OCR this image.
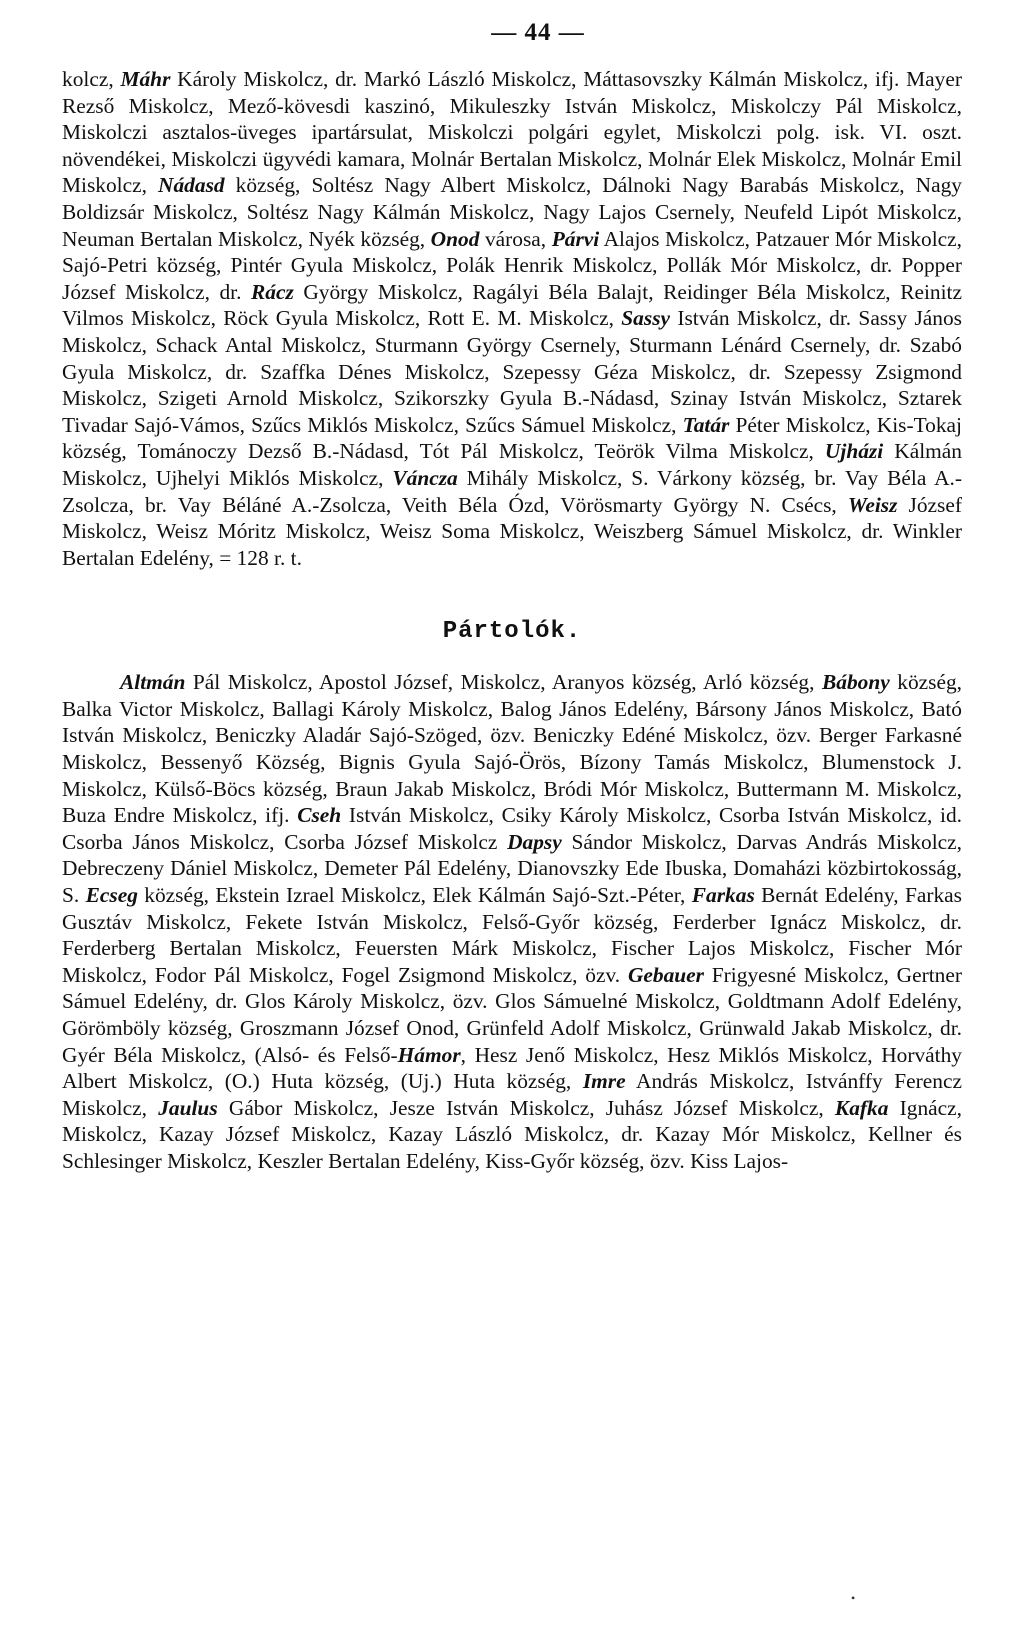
— 44 —

kolcz, Máhr Károly Miskolcz, dr. Markó László Miskolcz, Máttasovszky Kálmán Miskolcz, ifj. Mayer Rezső Miskolcz, Mező-kövesdi kaszinó, Mikuleszky István Miskolcz, Miskolczy Pál Miskolcz, Miskolczi asztalos-üveges ipartársulat, Miskolczi polgári egylet, Miskolczi polg. isk. VI. oszt. növendékei, Miskolczi ügyvédi kamara, Molnár Bertalan Miskolcz, Molnár Elek Miskolcz, Molnár Emil Miskolcz, Nádasd község, Soltész Nagy Albert Miskolcz, Dálnoki Nagy Barabás Miskolcz, Nagy Boldizsár Miskolcz, Soltész Nagy Kálmán Miskolcz, Nagy Lajos Csernely, Neufeld Lipót Miskolcz, Neuman Bertalan Miskolcz, Nyék község, Onod városa, Párvi Alajos Miskolcz, Patzauer Mór Miskolcz, Sajó-Petri község, Pintér Gyula Miskolcz, Polák Henrik Miskolcz, Pollák Mór Miskolcz, dr. Popper József Miskolcz, dr. Rácz György Miskolcz, Ragályi Béla Balajt, Reidinger Béla Miskolcz, Reinitz Vilmos Miskolcz, Röck Gyula Miskolcz, Rott E. M. Miskolcz, Sassy István Miskolcz, dr. Sassy János Miskolcz, Schack Antal Miskolcz, Sturmann György Csernely, Sturmann Lénárd Csernely, dr. Szabó Gyula Miskolcz, dr. Szaffka Dénes Miskolcz, Szepessy Géza Miskolcz, dr. Szepessy Zsigmond Miskolcz, Szigeti Arnold Miskolcz, Szikorszky Gyula B.-Nádasd, Szinay István Miskolcz, Sztarek Tivadar Sajó-Vámos, Szűcs Miklós Miskolcz, Szűcs Sámuel Miskolcz, Tatár Péter Miskolcz, Kis-Tokaj község, Tománoczy Dezső B.-Nádasd, Tót Pál Miskolcz, Teörök Vilma Miskolcz, Ujházi Kálmán Miskolcz, Ujhelyi Miklós Miskolcz, Váncza Mihály Miskolcz, S. Várkony község, br. Vay Béla A.-Zsolcza, br. Vay Béláné A.-Zsolcza, Veith Béla Ózd, Vörösmarty György N. Csécs, Weisz József Miskolcz, Weisz Móritz Miskolcz, Weisz Soma Miskolcz, Weiszberg Sámuel Miskolcz, dr. Winkler Bertalan Edelény, = 128 r. t.

Pártolók.

Altmán Pál Miskolcz, Apostol József, Miskolcz, Aranyos község, Arló község, Bábony község, Balka Victor Miskolcz, Ballagi Károly Miskolcz, Balog János Edelény, Bársony János Miskolcz, Bató István Miskolcz, Beniczky Aladár Sajó-Szöged, özv. Beniczky Edéné Miskolcz, özv. Berger Farkasné Miskolcz, Bessenyő Község, Bignis Gyula Sajó-Örös, Bízony Tamás Miskolcz, Blumenstock J. Miskolcz, Külső-Böcs község, Braun Jakab Miskolcz, Bródi Mór Miskolcz, Buttermann M. Miskolcz, Buza Endre Miskolcz, ifj. Cseh István Miskolcz, Csiky Károly Miskolcz, Csorba István Miskolcz, id. Csorba János Miskolcz, Csorba József Miskolcz Dapsy Sándor Miskolcz, Darvas András Miskolcz, Debreczeny Dániel Miskolcz, Demeter Pál Edelény, Dianovszky Ede Ibuska, Domaházi közbirtokosság, S. Ecseg község, Ekstein Izrael Miskolcz, Elek Kálmán Sajó-Szt.-Péter, Farkas Bernát Edelény, Farkas Gusztáv Miskolcz, Fekete István Miskolcz, Felső-Győr község, Ferderber Ignácz Miskolcz, dr. Ferderberg Bertalan Miskolcz, Feuersten Márk Miskolcz, Fischer Lajos Miskolcz, Fischer Mór Miskolcz, Fodor Pál Miskolcz, Fogel Zsigmond Miskolcz, özv. Gebauer Frigyesné Miskolcz, Gertner Sámuel Edelény, dr. Glos Károly Miskolcz, özv. Glos Sámuelné Miskolcz, Goldtmann Adolf Edelény, Görömböly község, Groszmann József Onod, Grünfeld Adolf Miskolcz, Grünwald Jakab Miskolcz, dr. Gyér Béla Miskolcz, (Alsó- és Felső-Hámor, Hesz Jenő Miskolcz, Hesz Miklós Miskolcz, Horváthy Albert Miskolcz, (O.) Huta község, (Uj.) Huta község, Imre András Miskolcz, Istvánffy Ferencz Miskolcz, Jaulus Gábor Miskolcz, Jesze István Miskolcz, Juhász József Miskolcz, Kafka Ignácz, Miskolcz, Kazay József Miskolcz, Kazay László Miskolcz, dr. Kazay Mór Miskolcz, Kellner és Schlesinger Miskolcz, Keszler Bertalan Edelény, Kiss-Győr község, özv. Kiss Lajos-

•
